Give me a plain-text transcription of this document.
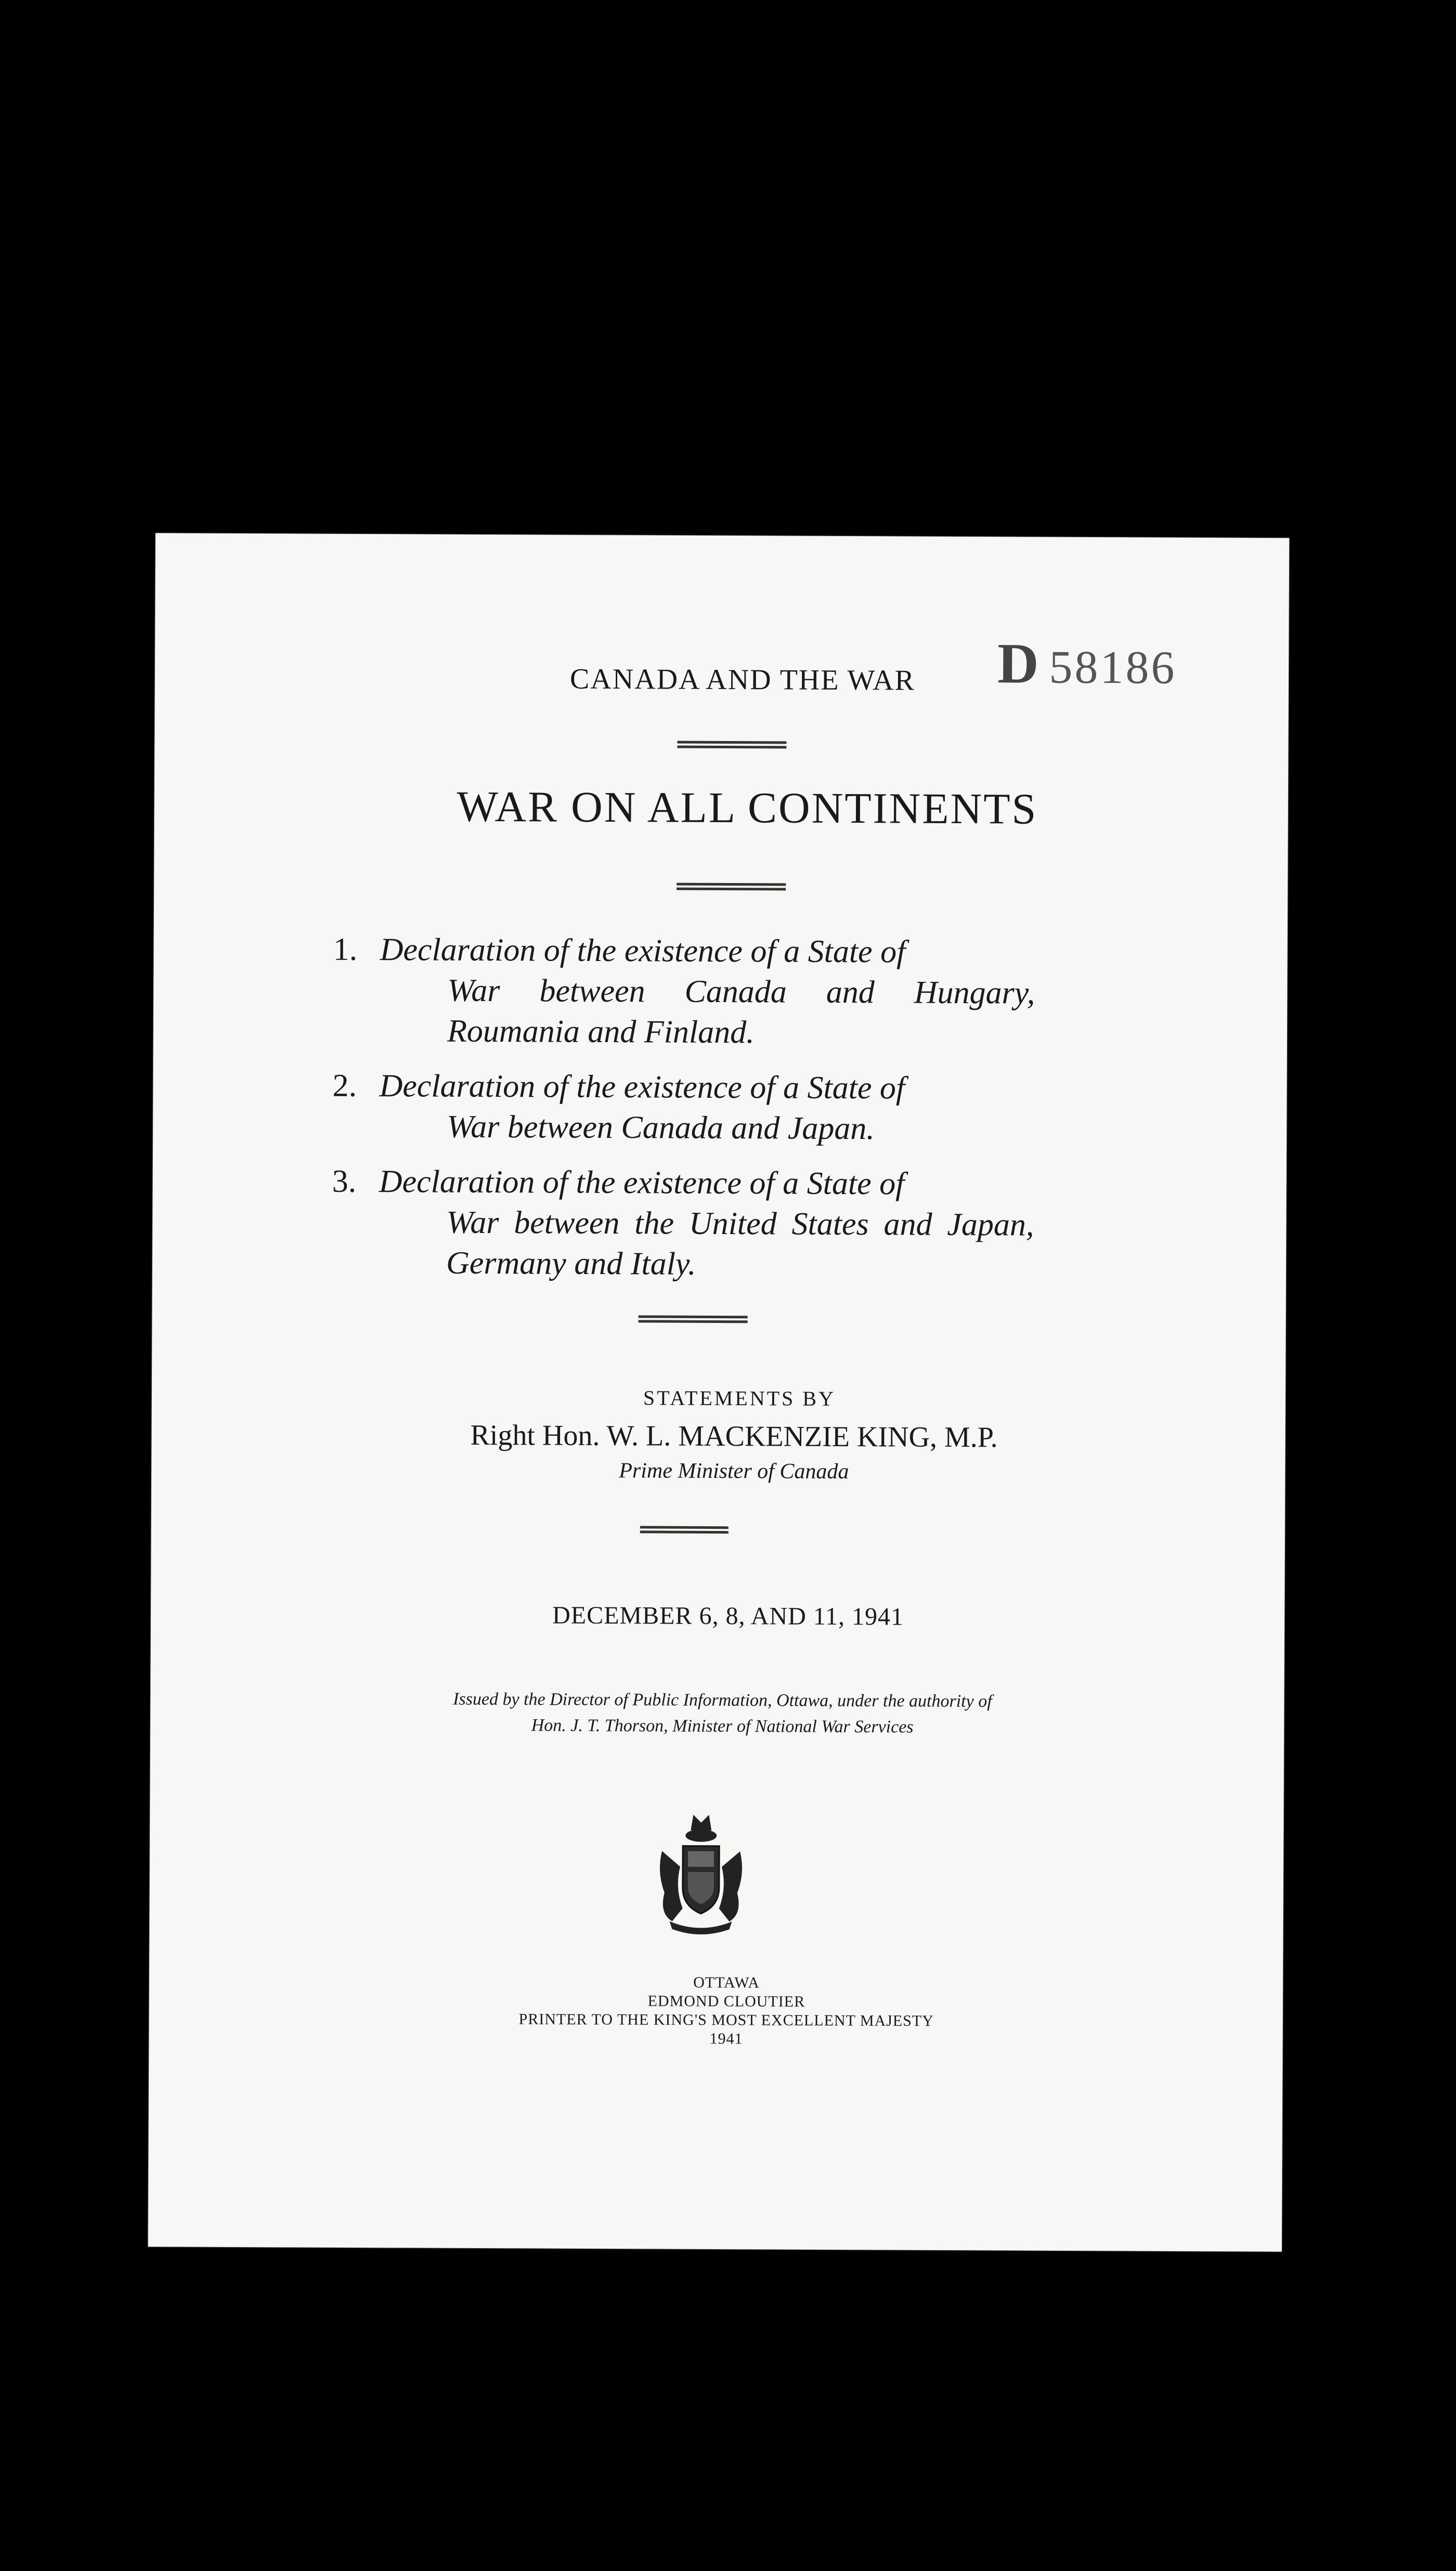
D 58186
CANADA AND THE WAR
WAR ON ALL CONTINENTS
1. Declaration of the existence of a State of
War between Canada and Hungary, Roumania and Finland.
2. Declaration of the existence of a State of
War between Canada and Japan.
3. Declaration of the existence of a State of
War between the United States and Japan, Germany and Italy.
STATEMENTS BY
Right Hon. W. L. MACKENZIE KING, M.P.
Prime Minister of Canada
DECEMBER 6, 8, AND 11, 1941
Issued by the Director of Public Information, Ottawa, under the authority of
Hon. J. T. Thorson, Minister of National War Services
OTTAWA
EDMOND CLOUTIER
PRINTER TO THE KING'S MOST EXCELLENT MAJESTY
1941
